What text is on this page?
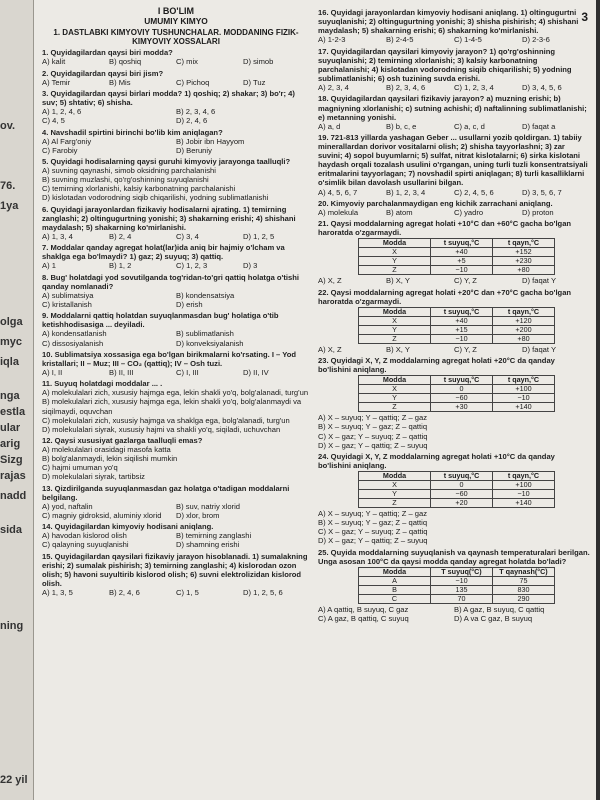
ov.
76.
1ya
olga
myc
iqla
nga
estla
ular
arig
Sizg
rajas
nadd
sida
ning
22 yil
3
I BO'LIM
UMUMIY KIMYO
1. DASTLABKI KIMYOVIY TUSHUNCHALAR. MODDANING FIZIK-KIMYOVIY XOSSALARI
1. Quyidagilardan qaysi biri modda?
A) kalit	B) qoshiq	C) mix	D) simob
2. Quyidagilardan qaysi biri jism?
A) Temir	B) Mis	C) Pichoq	D) Tuz
3. Quyidagilardan qaysi birlari modda? 1) qoshiq; 2) shakar; 3) bo'r; 4) suv; 5) shtativ; 6) shisha.
A) 1, 2, 4, 6	B) 2, 3, 4, 6
C) 4, 5	D) 2, 4, 6
4. Navshadil spirtini birinchi bo'lib kim aniqlagan?
A) Al Farg'oniy	B) Jobir ibn Hayyom
C) Farobiy	D) Beruniy
5. Quyidagi hodisalarning qaysi guruhi kimyoviy jarayonga taalluqli?
A) suvning qaynashi, simob oksidning parchalanishi
B) suvning muzlashi, qo'rg'oshinning suyuqlanishi
C) temirning xlorlanishi, kalsiy karbonatning parchalanishi
D) kislotadan vodorodning siqib chiqarilishi, yodning sublimatlanishi
6. Quyidagi jarayonlardan fizikaviy hodisalarni ajrating. 1) temirning zanglashi; 2) oltingugurtning yonishi; 3) shakarning erishi; 4) shishani maydalash; 5) shakarning ko'mirlanishi.
A) 1, 3, 4	B) 2, 4	C) 3, 4	D) 1, 2, 5
7. Moddalar qanday agregat holat(lar)ida aniq bir hajmiy o'lcham va shaklga ega bo'lmaydi? 1) gaz; 2) suyuq; 3) qattiq.
A) 1	B) 1, 2	C) 1, 2, 3	D) 3
8. Bug' holatdagi yod sovutilganda tog'ridan-to'gri qattiq holatga o'tishi qanday nomlanadi?
A) sublimatsiya	B) kondensatsiya
C) kristallanish	D) erish
9. Moddalarni qattiq holatdan suyuqlanmasdan bug' holatiga o'tib ketishhodisasiga ... deyiladi.
A) kondensatlanish	B) sublimatlanish
C) dissosiyalanish	D) konveksiyalanish
10. Sublimatsiya xossasiga ega bo'lgan birikmalarni ko'rsating. I – Yod kristallari; II – Muz; III – CO₂ (qattiq); IV – Osh tuzi.
A) I, II	B) II, III	C) I, III	D) II, IV
11. Suyuq holatdagi moddalar ... .
A) molekulalari zich, xususiy hajmga ega, lekin shakli yo'q, bolg'alanadi, turg'un
B) molekulalari zich, xususiy hajmga ega, lekin shakli yo'q, bolg'alanmaydi va siqilmaydi, oquvchan
C) molekulalari zich, xususiy hajmga va shaklga ega, bolg'alanadi, turg'un
D) molekulalari siyrak, xususiy hajmi va shakli yo'q, siqiladi, uchuvchan
12. Qaysi xususiyat gazlarga taalluqli emas?
A) molekulalari orasidagi masofa katta
B) bolg'alanmaydi, lekin siqilishi mumkin
C) hajmi umuman yo'q
D) molekulalari siyrak, tartibsiz
13. Qizdirilganda suyuqlanmasdan gaz holatga o'tadigan moddalarni belgilang.
A) yod, naftalin	B) suv, natriy xlorid
C) magniy gidroksid, aluminiy xlorid	D) xlor, brom
14. Quyidagilardan kimyoviy hodisani aniqlang.
A) havodan kislorod olish	B) temirning zanglashi
C) qalayning suyuqlanishi	D) shamning erishi
15. Quyidagilardan qaysilari fizikaviy jarayon hisoblanadi. 1) sumalakning erishi; 2) sumalak pishirish; 3) temirning zanglashi; 4) kislorodan ozon olish; 5) havoni suyultirib kislorod olish; 6) suvni elektrolizidan kislorod olish.
A) 1, 3, 5	B) 2, 4, 6	C) 1, 5	D) 1, 2, 5, 6
16. Quyidagi jarayonlardan kimyoviy hodisani aniqlang. 1) oltingugurtni suyuqlanishi; 2) oltingugurtning yonishi; 3) shisha pishirish; 4) shishani maydalash; 5) shakarning erishi; 6) shakarning ko'mirlanishi.
A) 1-2-3	B) 2-4-5	C) 1-4-5	D) 2-3-6
17. Quyidagilardan qaysilari kimyoviy jarayon? 1) qo'rg'oshinning suyuqlanishi; 2) temirning xlorlanishi; 3) kalsiy karbonatning parchalanishi; 4) kislotadan vodorodning siqib chiqarilishi; 5) yodning sublimatlanishi; 6) osh tuzining suvda erishi.
A) 2, 3, 4	B) 2, 3, 4, 6	C) 1, 2, 3, 4	D) 3, 4, 5, 6
18. Quyidagilardan qaysilari fizikaviy jarayon? a) muzning erishi; b) magniyning xlorlanishi; c) sutning achishi; d) naftalinning sublimatlanishi; e) metanning yonishi.
A) a, d	B) b, c, e	C) a, c, d	D) faqat a
19. 721-813 yillarda yashagan Geber ... usullarni yozib qoldirgan. 1) tabiiy minerallardan dorivor vositalarni olish; 2) shisha tayyorlashni; 3) zar suvini; 4) sopol buyumlarni; 5) sulfat, nitrat kislotalarni; 6) sirka kislotani haydash orqali tozalash usulini o'rgangan, uning turli tuzli konsentratsiyali eritmalarini tayyorlagan; 7) novshadil spirti aniqlagan; 8) turli kasalliklarni o'simlik bilan davolash usullarini bilgan.
A) 4, 5, 6, 7	B) 1, 2, 3, 4	C) 2, 4, 5, 6	D) 3, 5, 6, 7
20. Kimyoviy parchalanmaydigan eng kichik zarrachani aniqlang.
A) molekula	B) atom	C) yadro	D) proton
21. Qaysi moddalarning agregat holati +10°C dan +60°C gacha bo'lgan haroratda o'zgarmaydi.
Modda	t suyuq,°C	t qayn,°C
X	+40	+152
Y	+5	+230
Z	−10	+80
A) X, Z	B) X, Y	C) Y, Z	D) faqat Y
22. Qaysi moddalarning agregat holati +20°C dan +70°C gacha bo'lgan haroratda o'zgarmaydi.
Modda	t suyuq,°C	t qayn,°C
X	+40	+120
Y	+15	+200
Z	−10	+80
A) X, Z	B) X, Y	C) Y, Z	D) faqat Y
23. Quyidagi X, Y, Z moddalarning agregat holati +20°C da qanday bo'lishini aniqlang.
Modda	t suyuq,°C	t qayn,°C
X	0	+100
Y	−60	−10
Z	+30	+140
A) X – suyuq; Y – qattiq; Z – gaz
B) X – suyuq; Y – gaz; Z – qattiq
C) X – gaz; Y – suyuq; Z – qattiq
D) X – gaz; Y – qattiq; Z – suyuq
24. Quyidagi X, Y, Z moddalarning agregat holati +10°C da qanday bo'lishini aniqlang.
Modda	t suyuq,°C	t qayn,°C
X	0	+100
Y	−60	−10
Z	+20	+140
A) X – suyuq; Y – qattiq; Z – gaz
B) X – suyuq; Y – gaz; Z – qattiq
C) X – gaz; Y – suyuq; Z – qattiq
D) X – gaz; Y – qattiq; Z – suyuq
25. Quyida moddalarning suyuqlanish va qaynash temperaturalari berilgan. Unga asosan 100°C da qaysi modda qanday agregat holatda bo'ladi?
Modda	T suyuq(°C)	T qaynash(°C)
A	−10	75
B	135	830
C	70	290
A) A qattiq, B suyuq, C gaz	B) A gaz, B suyuq, C qattiq
C) A gaz, B qattiq, C suyuq	D) A va C gaz, B suyuq
